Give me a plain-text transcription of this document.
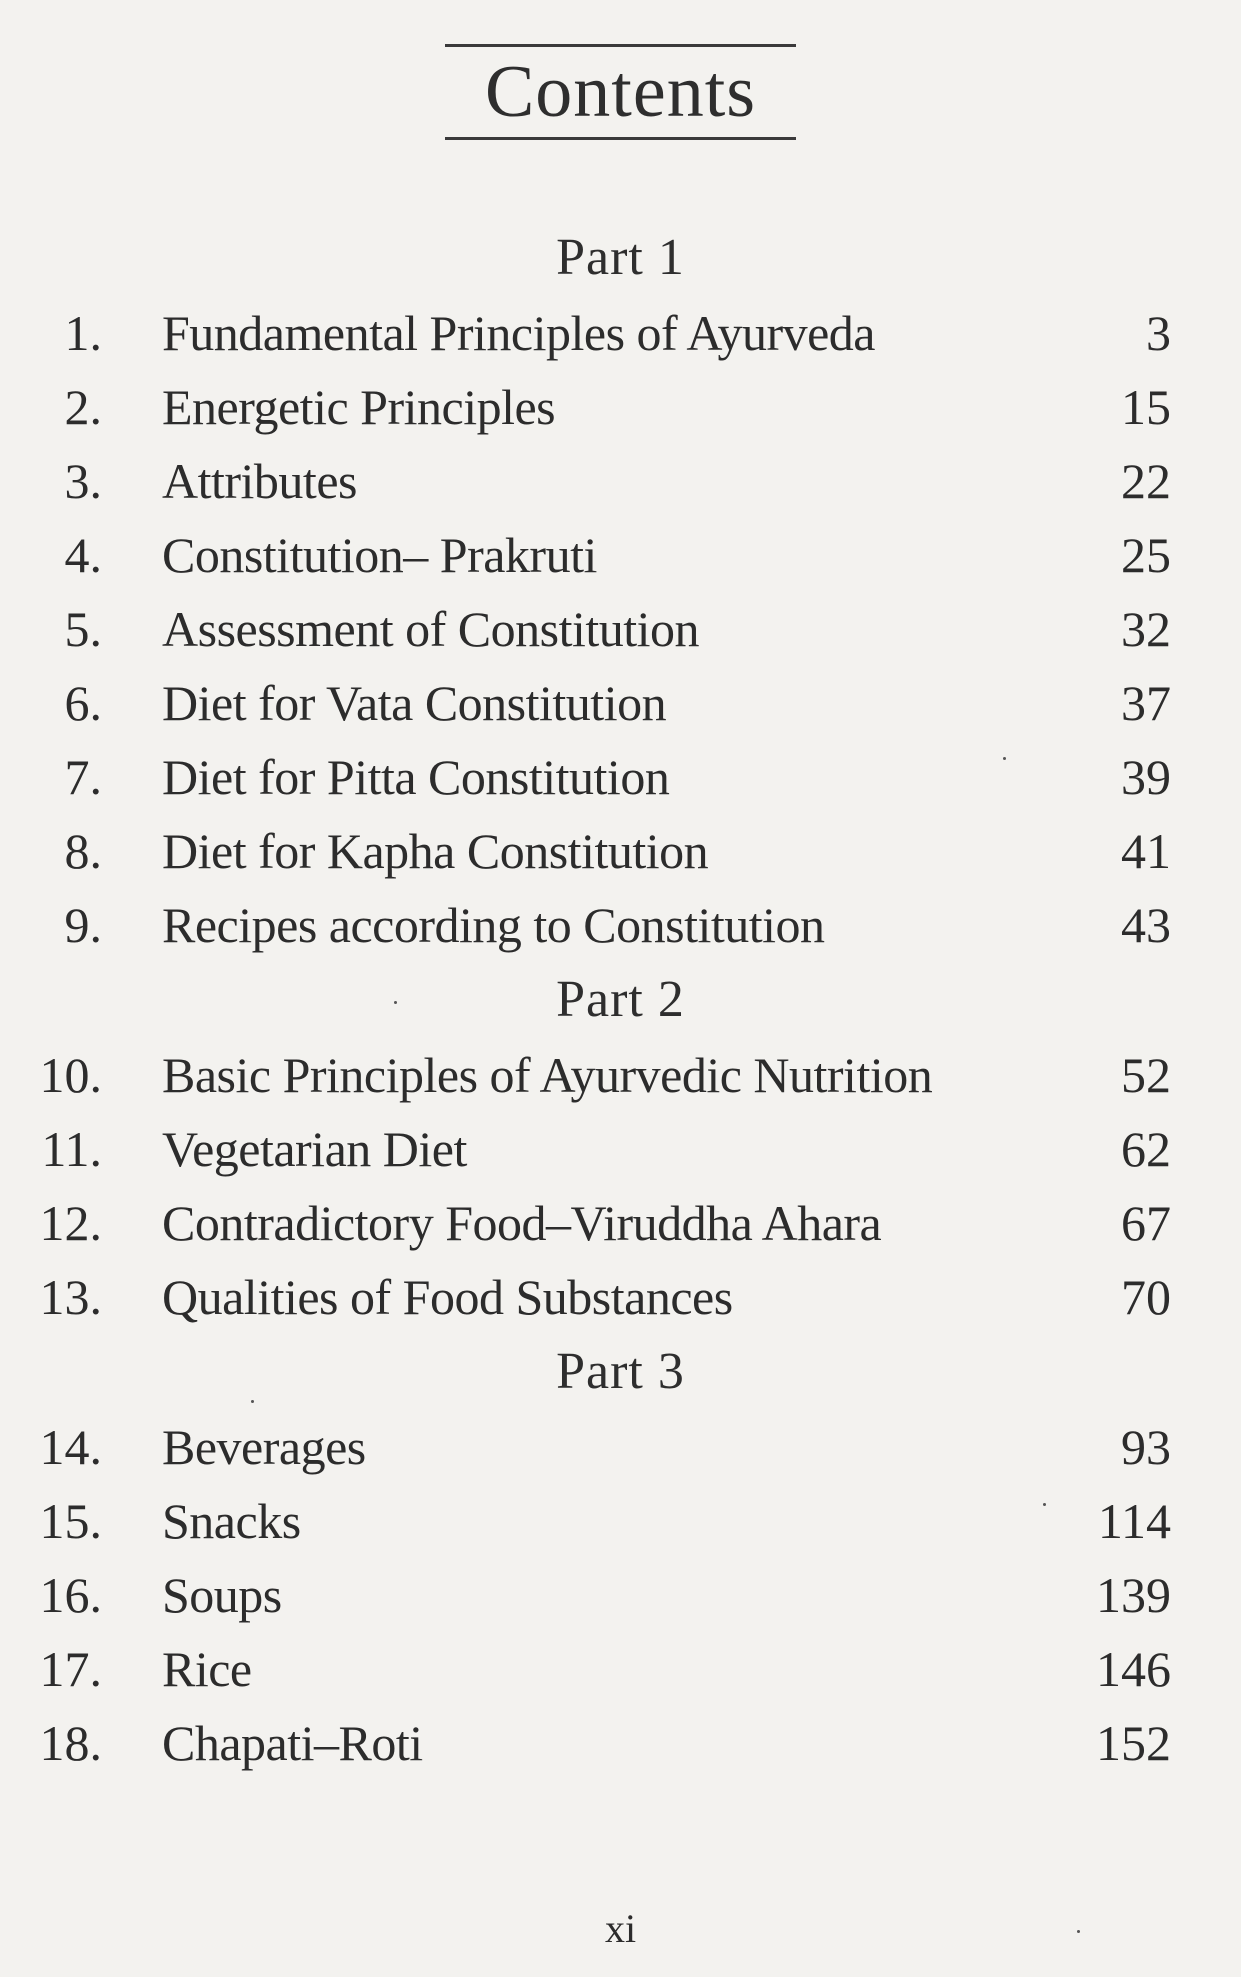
Contents
Part 1
1. Fundamental Principles of Ayurveda	3
2. Energetic Principles	15
3. Attributes	22
4. Constitution– Prakruti	25
5. Assessment of Constitution	32
6. Diet for Vata Constitution	37
7. Diet for Pitta Constitution	39
8. Diet for Kapha Constitution	41
9. Recipes according to Constitution	43
Part 2
10. Basic Principles of Ayurvedic Nutrition	52
11. Vegetarian Diet	62
12. Contradictory Food–Viruddha Ahara	67
13. Qualities of Food Substances	70
Part 3
14. Beverages	93
15. Snacks	114
16. Soups	139
17. Rice	146
18. Chapati–Roti	152
xi
